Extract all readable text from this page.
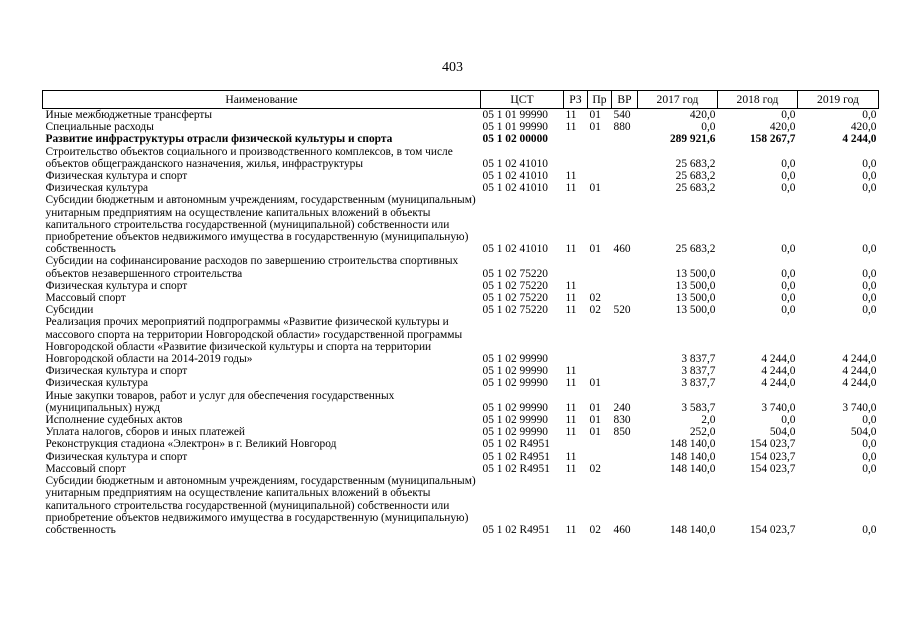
403
Наименование	ЦСТ	РЗ	Пр	ВР	2017 год	2018 год	2019 год
Иные межбюджетные трансферты	05 1 01 99990	11	01	540	420,0	0,0	0,0
Специальные расходы	05 1 01 99990	11	01	880	0,0	420,0	420,0
Развитие инфраструктуры отрасли физической культуры и спорта	05 1 02 00000				289 921,6	158 267,7	4 244,0
Строительство объектов социального и производственного комплексов, в том числе объектов общегражданского назначения, жилья, инфраструктуры	05 1 02 41010				25 683,2	0,0	0,0
Физическая культура и спорт	05 1 02 41010	11			25 683,2	0,0	0,0
Физическая культура	05 1 02 41010	11	01		25 683,2	0,0	0,0
Субсидии бюджетным и автономным учреждениям, государственным (муниципальным) унитарным предприятиям на осуществление капитальных вложений в объекты капитального строительства государственной (муниципальной) собственности или приобретение объектов недвижимого имущества в государственную (муниципальную) собственность	05 1 02 41010	11	01	460	25 683,2	0,0	0,0
Субсидии на софинансирование расходов по завершению строительства спортивных объектов незавершенного строительства	05 1 02 75220				13 500,0	0,0	0,0
Физическая культура и спорт	05 1 02 75220	11			13 500,0	0,0	0,0
Массовый спорт	05 1 02 75220	11	02		13 500,0	0,0	0,0
Субсидии	05 1 02 75220	11	02	520	13 500,0	0,0	0,0
Реализация прочих мероприятий подпрограммы «Развитие физической культуры и массового спорта на территории Новгородской области» государственной программы Новгородской области «Развитие физической культуры и спорта на территории Новгородской области на 2014-2019 годы»	05 1 02 99990				3 837,7	4 244,0	4 244,0
Физическая культура и спорт	05 1 02 99990	11			3 837,7	4 244,0	4 244,0
Физическая культура	05 1 02 99990	11	01		3 837,7	4 244,0	4 244,0
Иные закупки товаров, работ и услуг для обеспечения государственных (муниципальных) нужд	05 1 02 99990	11	01	240	3 583,7	3 740,0	3 740,0
Исполнение судебных актов	05 1 02 99990	11	01	830	2,0	0,0	0,0
Уплата налогов, сборов и иных платежей	05 1 02 99990	11	01	850	252,0	504,0	504,0
Реконструкция стадиона «Электрон» в г. Великий Новгород	05 1 02 R4951				148 140,0	154 023,7	0,0
Физическая культура и спорт	05 1 02 R4951	11			148 140,0	154 023,7	0,0
Массовый спорт	05 1 02 R4951	11	02		148 140,0	154 023,7	0,0
Субсидии бюджетным и автономным учреждениям, государственным (муниципальным) унитарным предприятиям на осуществление капитальных вложений в объекты капитального строительства государственной (муниципальной) собственности или приобретение объектов недвижимого имущества в государственную (муниципальную) собственность	05 1 02 R4951	11	02	460	148 140,0	154 023,7	0,0
